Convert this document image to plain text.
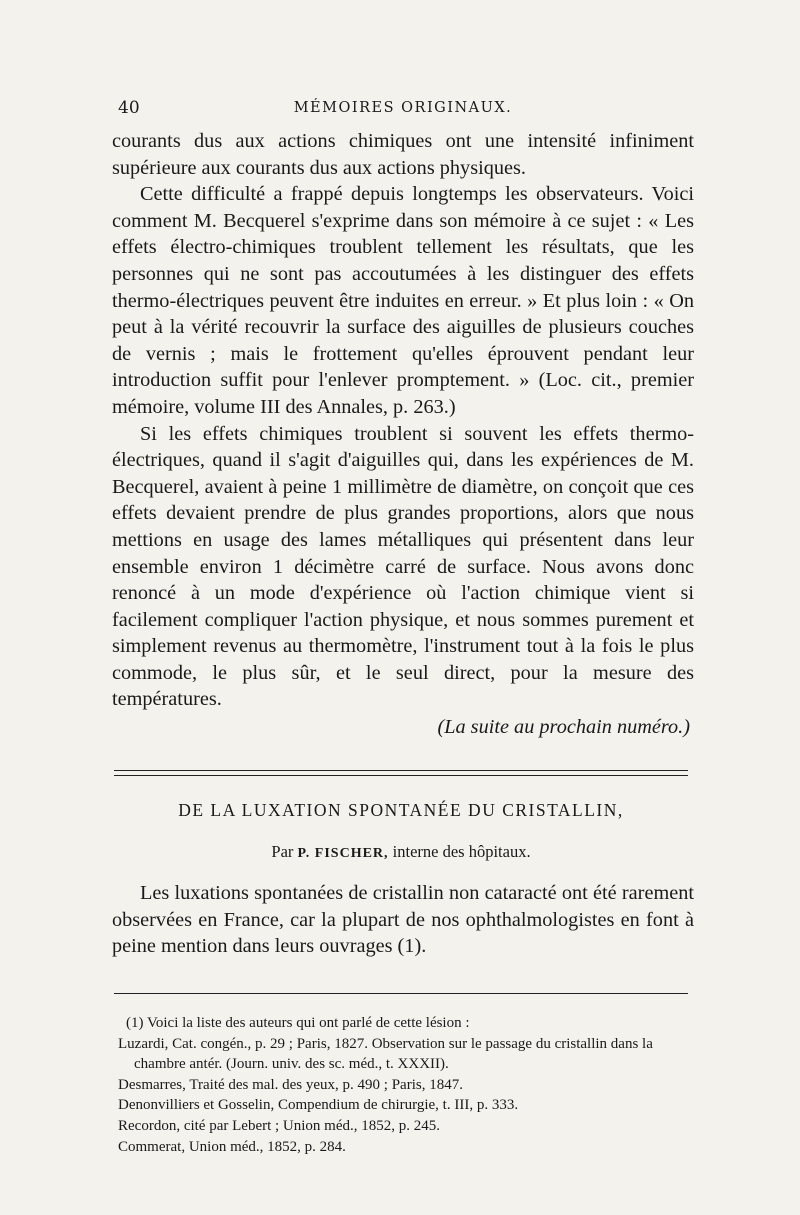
40	MÉMOIRES ORIGINAUX.

courants dus aux actions chimiques ont une intensité infiniment supérieure aux courants dus aux actions physiques.

Cette difficulté a frappé depuis longtemps les observateurs. Voici comment M. Becquerel s'exprime dans son mémoire à ce sujet : « Les effets électro-chimiques troublent tellement les résultats, que les personnes qui ne sont pas accoutumées à les distinguer des effets thermo-électriques peuvent être induites en erreur. » Et plus loin : « On peut à la vérité recouvrir la surface des aiguilles de plusieurs couches de vernis ; mais le frottement qu'elles éprouvent pendant leur introduction suffit pour l'enlever promptement. » (Loc. cit., premier mémoire, volume III des Annales, p. 263.)

Si les effets chimiques troublent si souvent les effets thermo-électriques, quand il s'agit d'aiguilles qui, dans les expériences de M. Becquerel, avaient à peine 1 millimètre de diamètre, on conçoit que ces effets devaient prendre de plus grandes proportions, alors que nous mettions en usage des lames métalliques qui présentent dans leur ensemble environ 1 décimètre carré de surface. Nous avons donc renoncé à un mode d'expérience où l'action chimique vient si facilement compliquer l'action physique, et nous sommes purement et simplement revenus au thermomètre, l'instrument tout à la fois le plus commode, le plus sûr, et le seul direct, pour la mesure des températures.

(La suite au prochain numéro.)
DE LA LUXATION SPONTANÉE DU CRISTALLIN,
Par P. FISCHER, interne des hôpitaux.

Les luxations spontanées de cristallin non cataracté ont été rarement observées en France, car la plupart de nos ophthalmologistes en font à peine mention dans leurs ouvrages (1).

(1) Voici la liste des auteurs qui ont parlé de cette lésion :

Luzardi, Cat. congén., p. 29 ; Paris, 1827. Observation sur le passage du cristallin dans la chambre antér. (Journ. univ. des sc. méd., t. XXXII).

Desmarres, Traité des mal. des yeux, p. 490 ; Paris, 1847.

Denonvilliers et Gosselin, Compendium de chirurgie, t. III, p. 333.

Recordon, cité par Lebert ; Union méd., 1852, p. 245.

Commerat, Union méd., 1852, p. 284.
